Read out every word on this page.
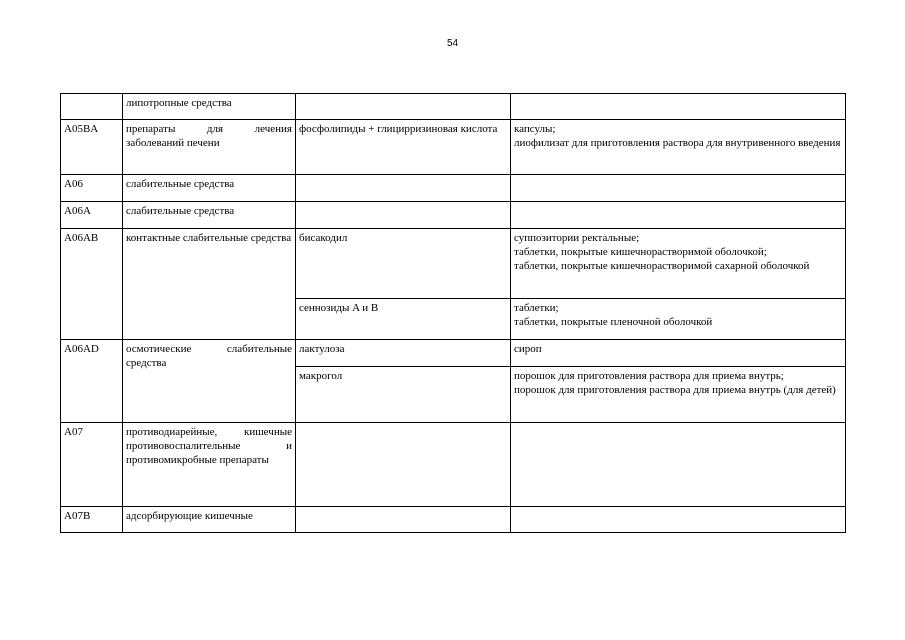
54
	липотропные средства		
A05BA	препараты для лечения заболеваний печени	фосфолипиды + глицирризиновая кислота	капсулы;
лиофилизат для приготовления раствора для внутривенного введения

A06	слабительные средства		
A06A	слабительные средства		
A06AB	контактные слабительные средства	бисакодил	суппозитории ректальные;
таблетки, покрытые кишечнорастворимой оболочкой;
таблетки, покрытые кишечнорастворимой сахарной оболочкой

		сеннозиды A и B	таблетки;
таблетки, покрытые пленочной оболочкой

A06AD	осмотические слабительные средства	лактулоза	сироп

		макрогол	порошок для приготовления раствора для приема внутрь;
порошок для приготовления раствора для приема внутрь (для детей)

A07	противодиарейные, кишечные противовоспалительные и противомикробные препараты		
A07B	адсорбирующие кишечные		
